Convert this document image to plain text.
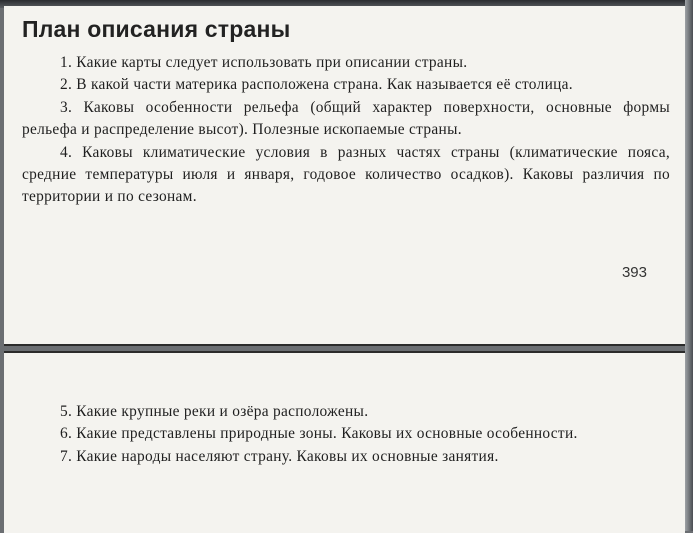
План описания страны

1. Какие карты следует использовать при описании страны.

2. В какой части материка расположена страна. Как называется её столица.

3. Каковы особенности рельефа (общий характер поверхности, основные формы рельефа и распределение высот). Полезные ископаемые страны.

4. Каковы климатические условия в разных частях страны (климатические пояса, средние температуры июля и января, годовое количество осадков). Каковы различия по территории и по сезонам.

393

5. Какие крупные реки и озёра расположены.

6. Какие представлены природные зоны. Каковы их основные особенности.

7. Какие народы населяют страну. Каковы их основные занятия.
